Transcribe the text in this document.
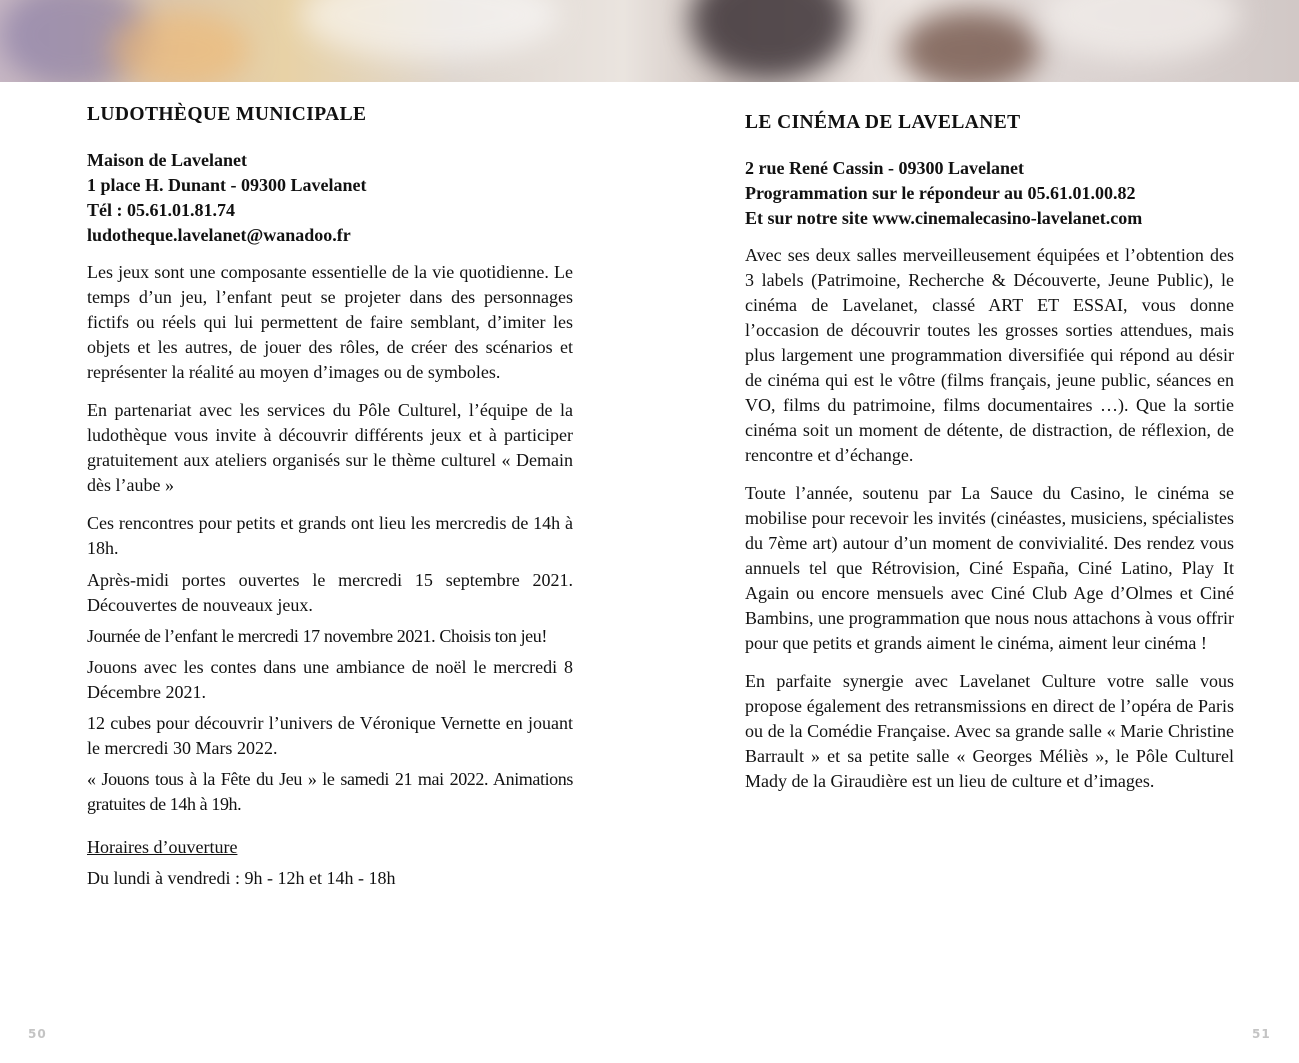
LUDOTHÈQUE MUNICIPALE
Maison de Lavelanet
1 place H. Dunant - 09300 Lavelanet
Tél : 05.61.01.81.74
ludotheque.lavelanet@wanadoo.fr

Les jeux sont une composante essentielle de la vie quotidienne. Le temps d’un jeu, l’enfant peut se projeter dans des personnages fictifs ou réels qui lui permettent de faire semblant, d’imiter les objets et les autres, de jouer des rôles, de créer des scénarios et représenter la réalité au moyen d’images ou de symboles.

En partenariat avec les services du Pôle Culturel, l’équipe de la ludothèque vous invite à découvrir différents jeux et à participer gratuitement aux ateliers organisés sur le thème culturel « Demain dès l’aube »

Ces rencontres pour petits et grands ont lieu les mercredis de 14h à 18h.

Après-midi portes ouvertes le mercredi 15 septembre 2021. Découvertes de nouveaux jeux.

Journée de l’enfant le mercredi 17 novembre 2021. Choisis ton jeu!

Jouons avec les contes dans une ambiance de noël le mercredi 8 Décembre 2021.

12 cubes pour découvrir l’univers de Véronique Vernette en jouant le mercredi 30 Mars 2022.

« Jouons tous à la Fête du Jeu » le samedi 21 mai 2022. Animations gratuites de 14h à 19h.

Horaires d’ouverture

Du lundi à vendredi : 9h - 12h et 14h - 18h

LE CINÉMA DE LAVELANET
2 rue René Cassin - 09300 Lavelanet
Programmation sur le répondeur au 05.61.01.00.82
Et sur notre site www.cinemalecasino-lavelanet.com

Avec ses deux salles merveilleusement équipées et l’obtention des 3 labels (Patrimoine, Recherche & Découverte, Jeune Public), le cinéma de Lavelanet, classé ART ET ESSAI, vous donne l’occasion de découvrir toutes les grosses sorties attendues, mais plus largement une programmation diversifiée qui répond au désir de cinéma qui est le vôtre (films français, jeune public, séances en VO, films du patrimoine, films documentaires …). Que la sortie cinéma soit un moment de détente, de distraction, de réflexion, de rencontre et d’échange.

Toute l’année, soutenu par La Sauce du Casino, le cinéma se mobilise pour recevoir les invités (cinéastes, musiciens, spécialistes du 7ème art) autour d’un moment de convivialité. Des rendez vous annuels tel que Rétrovision, Ciné España, Ciné Latino, Play It Again ou encore mensuels avec Ciné Club Age d’Olmes et Ciné Bambins, une programmation que nous nous attachons à vous offrir pour que petits et grands aiment le cinéma, aiment leur cinéma !

En parfaite synergie avec Lavelanet Culture votre salle vous propose également des retransmissions en direct de l’opéra de Paris ou de la Comédie Française. Avec sa grande salle « Marie Christine Barrault » et sa petite salle « Georges Méliès », le Pôle Culturel Mady de la Giraudière est un lieu de culture et d’images.

50	51
